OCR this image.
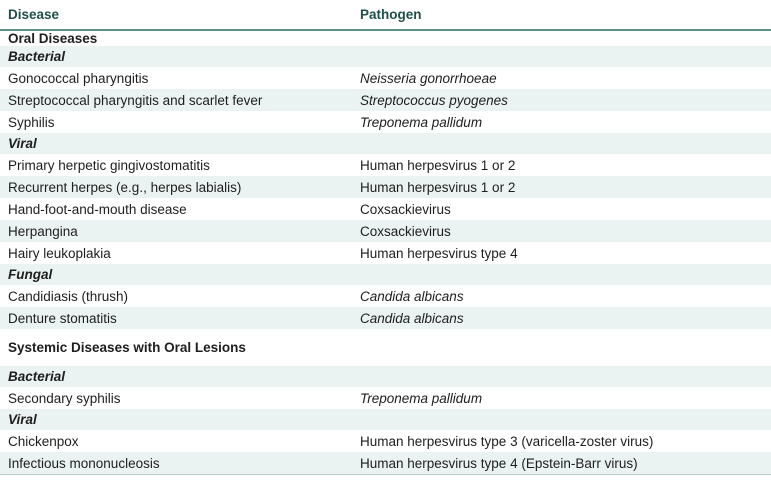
Disease	Pathogen
Oral Diseases	
Bacterial	
Gonococcal pharyngitis	Neisseria gonorrhoeae
Streptococcal pharyngitis and scarlet fever	Streptococcus pyogenes
Syphilis	Treponema pallidum
Viral	
Primary herpetic gingivostomatitis	Human herpesvirus 1 or 2
Recurrent herpes (e.g., herpes labialis)	Human herpesvirus 1 or 2
Hand-foot-and-mouth disease	Coxsackievirus
Herpangina	Coxsackievirus
Hairy leukoplakia	Human herpesvirus type 4
Fungal	
Candidiasis (thrush)	Candida albicans
Denture stomatitis	Candida albicans
Systemic Diseases with Oral Lesions	
Bacterial	
Secondary syphilis	Treponema pallidum
Viral	
Chickenpox	Human herpesvirus type 3 (varicella-zoster virus)
Infectious mononucleosis	Human herpesvirus type 4 (Epstein-Barr virus)
